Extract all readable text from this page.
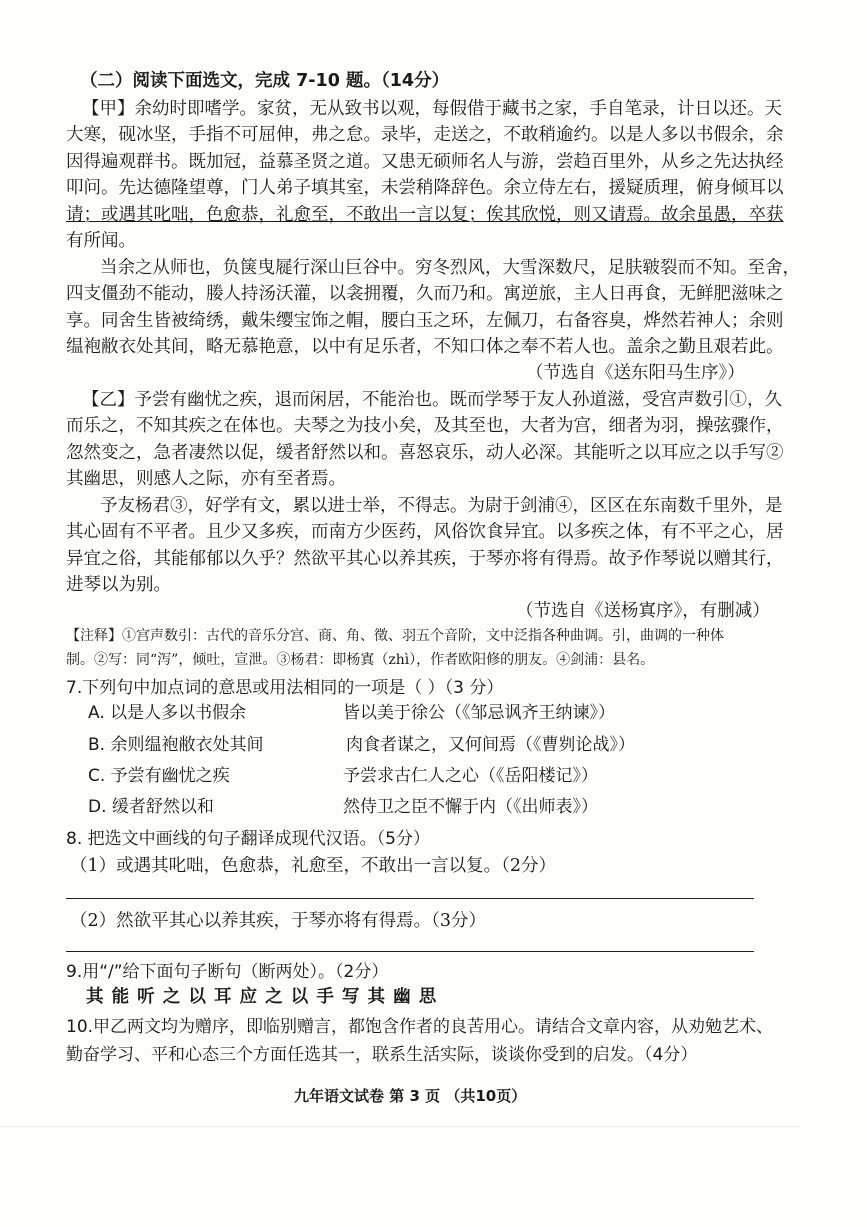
（二）阅读下面选文，完成 7-10 题。（14分）
【甲】余幼时即嗜学。家贫，无从致书以观，每假借于藏书之家，手自笔录，计日以还。天
大寒，砚冰坚，手指不可屈伸，弗之怠。录毕，走送之，不敢稍逾约。以是人多以书假余，余
因得遍观群书。既加冠，益慕圣贤之道。又患无硕师名人与游，尝趋百里外，从乡之先达执经
叩问。先达德隆望尊，门人弟子填其室，未尝稍降辞色。余立侍左右，援疑质理，俯身倾耳以
请；或遇其叱咄，色愈恭，礼愈至，不敢出一言以复；俟其欣悦，则又请焉。故余虽愚，卒获
有所闻。
当余之从师也，负箧曳屣行深山巨谷中。穷冬烈风，大雪深数尺，足肤皲裂而不知。至舍，
四支僵劲不能动，媵人持汤沃灌，以衾拥覆，久而乃和。寓逆旅，主人日再食，无鲜肥滋味之
享。同舍生皆被绮绣，戴朱缨宝饰之帽，腰白玉之环，左佩刀，右备容臭，烨然若神人；余则
缊袍敝衣处其间，略无慕艳意，以中有足乐者，不知口体之奉不若人也。盖余之勤且艰若此。
（节选自《送东阳马生序》）
【乙】予尝有幽忧之疾，退而闲居，不能治也。既而学琴于友人孙道滋，受宫声数引①，久
而乐之，不知其疾之在体也。夫琴之为技小矣，及其至也，大者为宫，细者为羽，操弦骤作，
忽然变之，急者凄然以促，缓者舒然以和。喜怒哀乐，动人必深。其能听之以耳应之以手写②
其幽思，则感人之际，亦有至者焉。
予友杨君③，好学有文，累以进士举，不得志。为尉于剑浦④，区区在东南数千里外，是
其心固有不平者。且少又多疾，而南方少医药，风俗饮食异宜。以多疾之体，有不平之心，居
异宜之俗，其能郁郁以久乎？然欲平其心以养其疾，于琴亦将有得焉。故予作琴说以赠其行，
进琴以为别。
（节选自《送杨寘序》，有删减）
【注释】①宫声数引：古代的音乐分宫、商、角、徵、羽五个音阶，文中泛指各种曲调。引，曲调的一种体
制。②写：同“泻”，倾吐，宣泄。③杨君：即杨寘（zhì），作者欧阳修的朋友。④剑浦：县名。
7.下列句中加点词的意思或用法相同的一项是（ ）（3 分）
A. 以是人多以书假余	皆以美于徐公（《邹忌讽齐王纳谏》）
B. 余则缊袍敝衣处其间	肉食者谋之，又何间焉（《曹刿论战》）
C. 予尝有幽忧之疾	予尝求古仁人之心（《岳阳楼记》）
D. 缓者舒然以和	然侍卫之臣不懈于内（《出师表》）
8. 把选文中画线的句子翻译成现代汉语。（5分）
（1）或遇其叱咄，色愈恭，礼愈至，不敢出一言以复。（2分）
（2）然欲平其心以养其疾，于琴亦将有得焉。（3分）
9.用“/”给下面句子断句（断两处）。（2分）
其 能 听 之 以 耳 应 之 以 手 写 其 幽 思
10.甲乙两文均为赠序，即临别赠言，都饱含作者的良苦用心。请结合文章内容，从劝勉艺术、
勤奋学习、平和心态三个方面任选其一，联系生活实际，谈谈你受到的启发。（4分）
九年语文试卷 第 3 页 （共10页）
